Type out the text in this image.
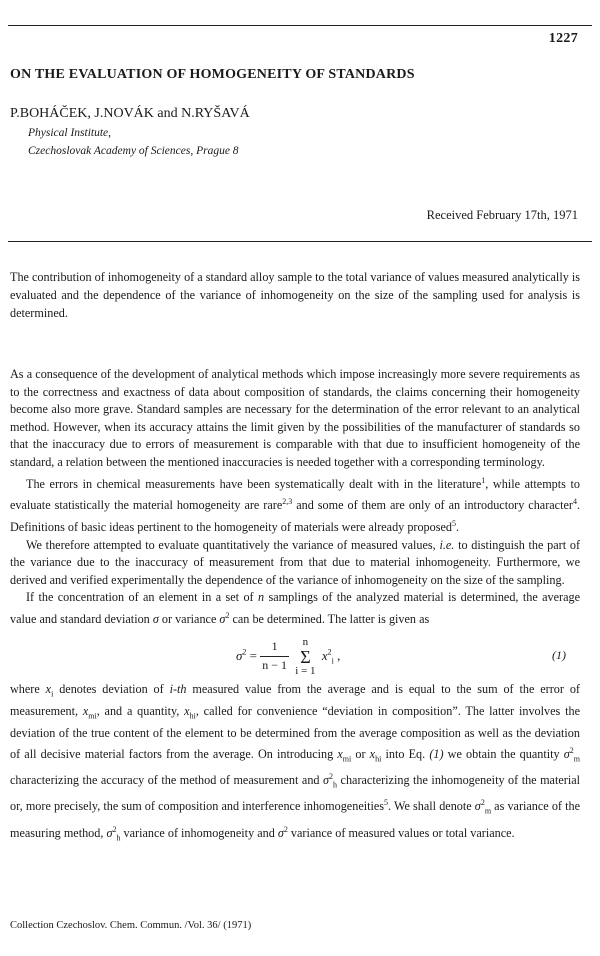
1227
ON THE EVALUATION OF HOMOGENEITY OF STANDARDS
P.BOHÁČEK, J.NOVÁK and N.RYŠAVÁ
Physical Institute,
Czechoslovak Academy of Sciences, Prague 8
Received February 17th, 1971

The contribution of inhomogeneity of a standard alloy sample to the total variance of values measured analytically is evaluated and the dependence of the variance of inhomogeneity on the size of the sampling used for analysis is determined.

As a consequence of the development of analytical methods which impose increasingly more severe requirements as to the correctness and exactness of data about composition of standards, the claims concerning their homogeneity become also more grave. Standard samples are necessary for the determination of the error relevant to an analytical method. However, when its accuracy attains the limit given by the possibilities of the manufacturer of standards so that the inaccuracy due to errors of measurement is comparable with that due to insufficient homogeneity of the standard, a relation between the mentioned inaccuracies is needed together with a corresponding terminology.

The errors in chemical measurements have been systematically dealt with in the literature$^1$, while attempts to evaluate statistically the material homogeneity are rare$^{2,3}$ and some of them are only of an introductory character$^4$. Definitions of basic ideas pertinent to the homogeneity of materials were already proposed$^5$.

We therefore attempted to evaluate quantitatively the variance of measured values, i.e. to distinguish the part of the variance due to the inaccuracy of measurement from that due to material inhomogeneity. Furthermore, we derived and verified experimentally the dependence of the variance of inhomogeneity on the size of the sampling.

If the concentration of an element in a set of n samplings of the analyzed material is determined, the average value and standard deviation σ or variance $\sigma^2$ can be determined. The latter is given as

$\sigma^2 = \frac{1}{n - 1}$ n
Σ
i = 1 $x^2_i$ ,	(1)

where $x_i$ denotes deviation of i-th measured value from the average and is equal to the sum of the error of measurement, $x_{mi}$, and a quantity, $x_{hi}$, called for convenience “deviation in composition”. The latter involves the deviation of the true content of the element to be determined from the average composition as well as the deviation of all decisive material factors from the average. On introducing $x_{mi}$ or $x_{hi}$ into Eq. (1) we obtain the quantity $\sigma^2_m$ characterizing the accuracy of the method of measurement and $\sigma^2_h$ characterizing the inhomogeneity of the material or, more precisely, the sum of composition and interference inhomogeneities$^5$. We shall denote $\sigma^2_m$ as variance of the measuring method, $\sigma^2_h$ variance of inhomogeneity and $\sigma^2$ variance of measured values or total variance.

Collection Czechoslov. Chem. Commun. /Vol. 36/ (1971)
